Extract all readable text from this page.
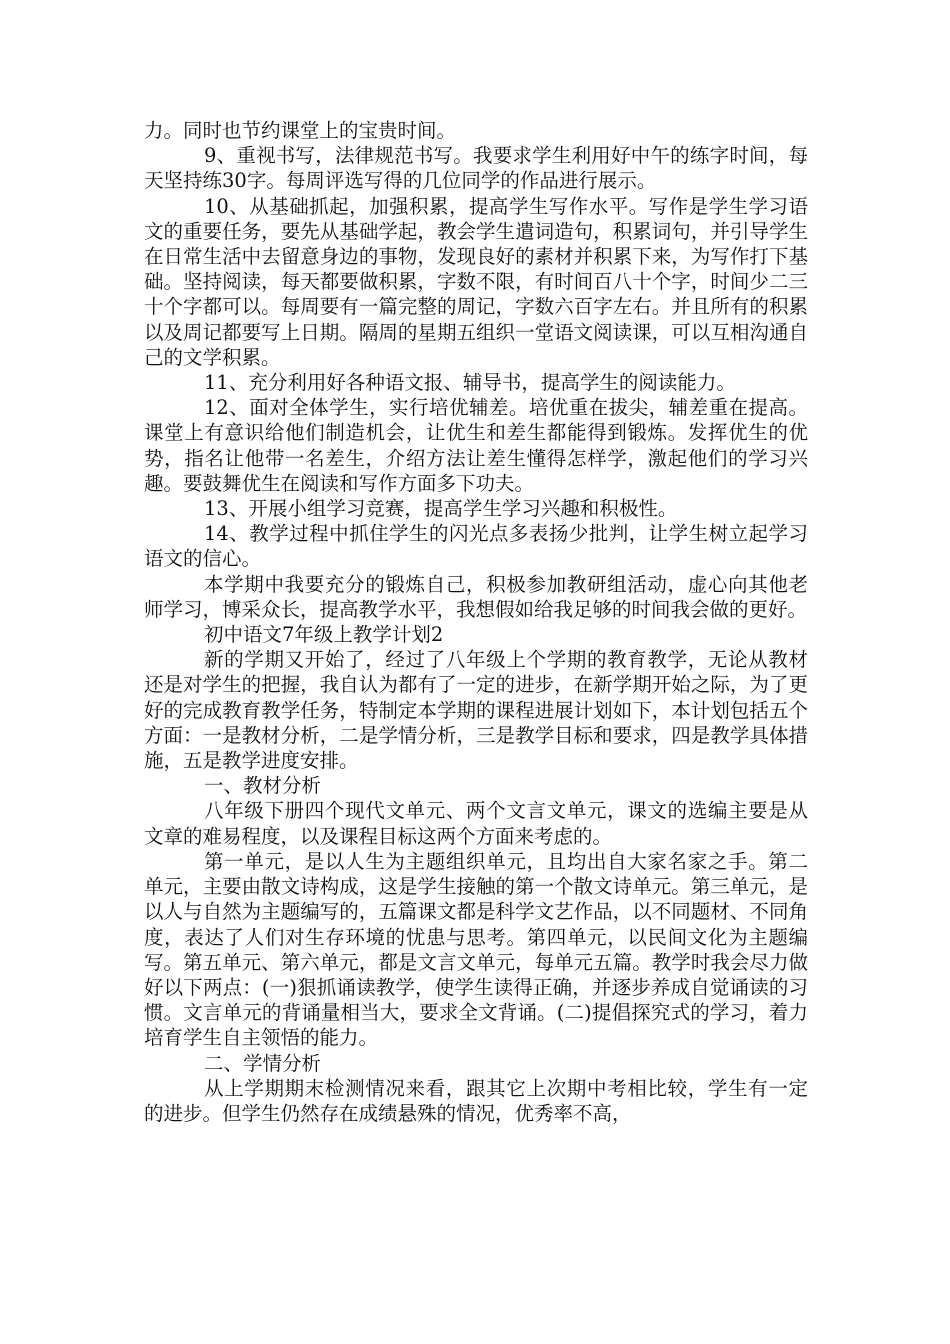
力。同时也节约课堂上的宝贵时间。

9、重视书写，法律规范书写。我要求学生利用好中午的练字时间，每天坚持练30字。每周评选写得的几位同学的作品进行展示。

10、从基础抓起，加强积累，提高学生写作水平。写作是学生学习语文的重要任务，要先从基础学起，教会学生遣词造句，积累词句，并引导学生在日常生活中去留意身边的事物，发现良好的素材并积累下来，为写作打下基础。坚持阅读，每天都要做积累，字数不限，有时间百八十个字，时间少二三十个字都可以。每周要有一篇完整的周记，字数六百字左右。并且所有的积累以及周记都要写上日期。隔周的星期五组织一堂语文阅读课，可以互相沟通自己的文学积累。

11、充分利用好各种语文报、辅导书，提高学生的阅读能力。

12、面对全体学生，实行培优辅差。培优重在拔尖，辅差重在提高。课堂上有意识给他们制造机会，让优生和差生都能得到锻炼。发挥优生的优势，指名让他带一名差生，介绍方法让差生懂得怎样学，激起他们的学习兴趣。要鼓舞优生在阅读和写作方面多下功夫。

13、开展小组学习竞赛，提高学生学习兴趣和积极性。

14、教学过程中抓住学生的闪光点多表扬少批判，让学生树立起学习语文的信心。

本学期中我要充分的锻炼自己，积极参加教研组活动，虚心向其他老师学习，博采众长，提高教学水平，我想假如给我足够的时间我会做的更好。

初中语文7年级上教学计划2

新的学期又开始了，经过了八年级上个学期的教育教学，无论从教材还是对学生的把握，我自认为都有了一定的进步，在新学期开始之际，为了更好的完成教育教学任务，特制定本学期的课程进展计划如下，本计划包括五个方面：一是教材分析，二是学情分析，三是教学目标和要求，四是教学具体措施，五是教学进度安排。

一、教材分析

八年级下册四个现代文单元、两个文言文单元，课文的选编主要是从文章的难易程度，以及课程目标这两个方面来考虑的。

第一单元，是以人生为主题组织单元，且均出自大家名家之手。第二单元，主要由散文诗构成，这是学生接触的第一个散文诗单元。第三单元，是以人与自然为主题编写的，五篇课文都是科学文艺作品，以不同题材、不同角度，表达了人们对生存环境的忧患与思考。第四单元，以民间文化为主题编写。第五单元、第六单元，都是文言文单元，每单元五篇。教学时我会尽力做好以下两点：(一)狠抓诵读教学，使学生读得正确，并逐步养成自觉诵读的习惯。文言单元的背诵量相当大，要求全文背诵。(二)提倡探究式的学习，着力培育学生自主领悟的能力。

二、学情分析

从上学期期末检测情况来看，跟其它上次期中考相比较，学生有一定的进步。但学生仍然存在成绩悬殊的情况，优秀率不高，
